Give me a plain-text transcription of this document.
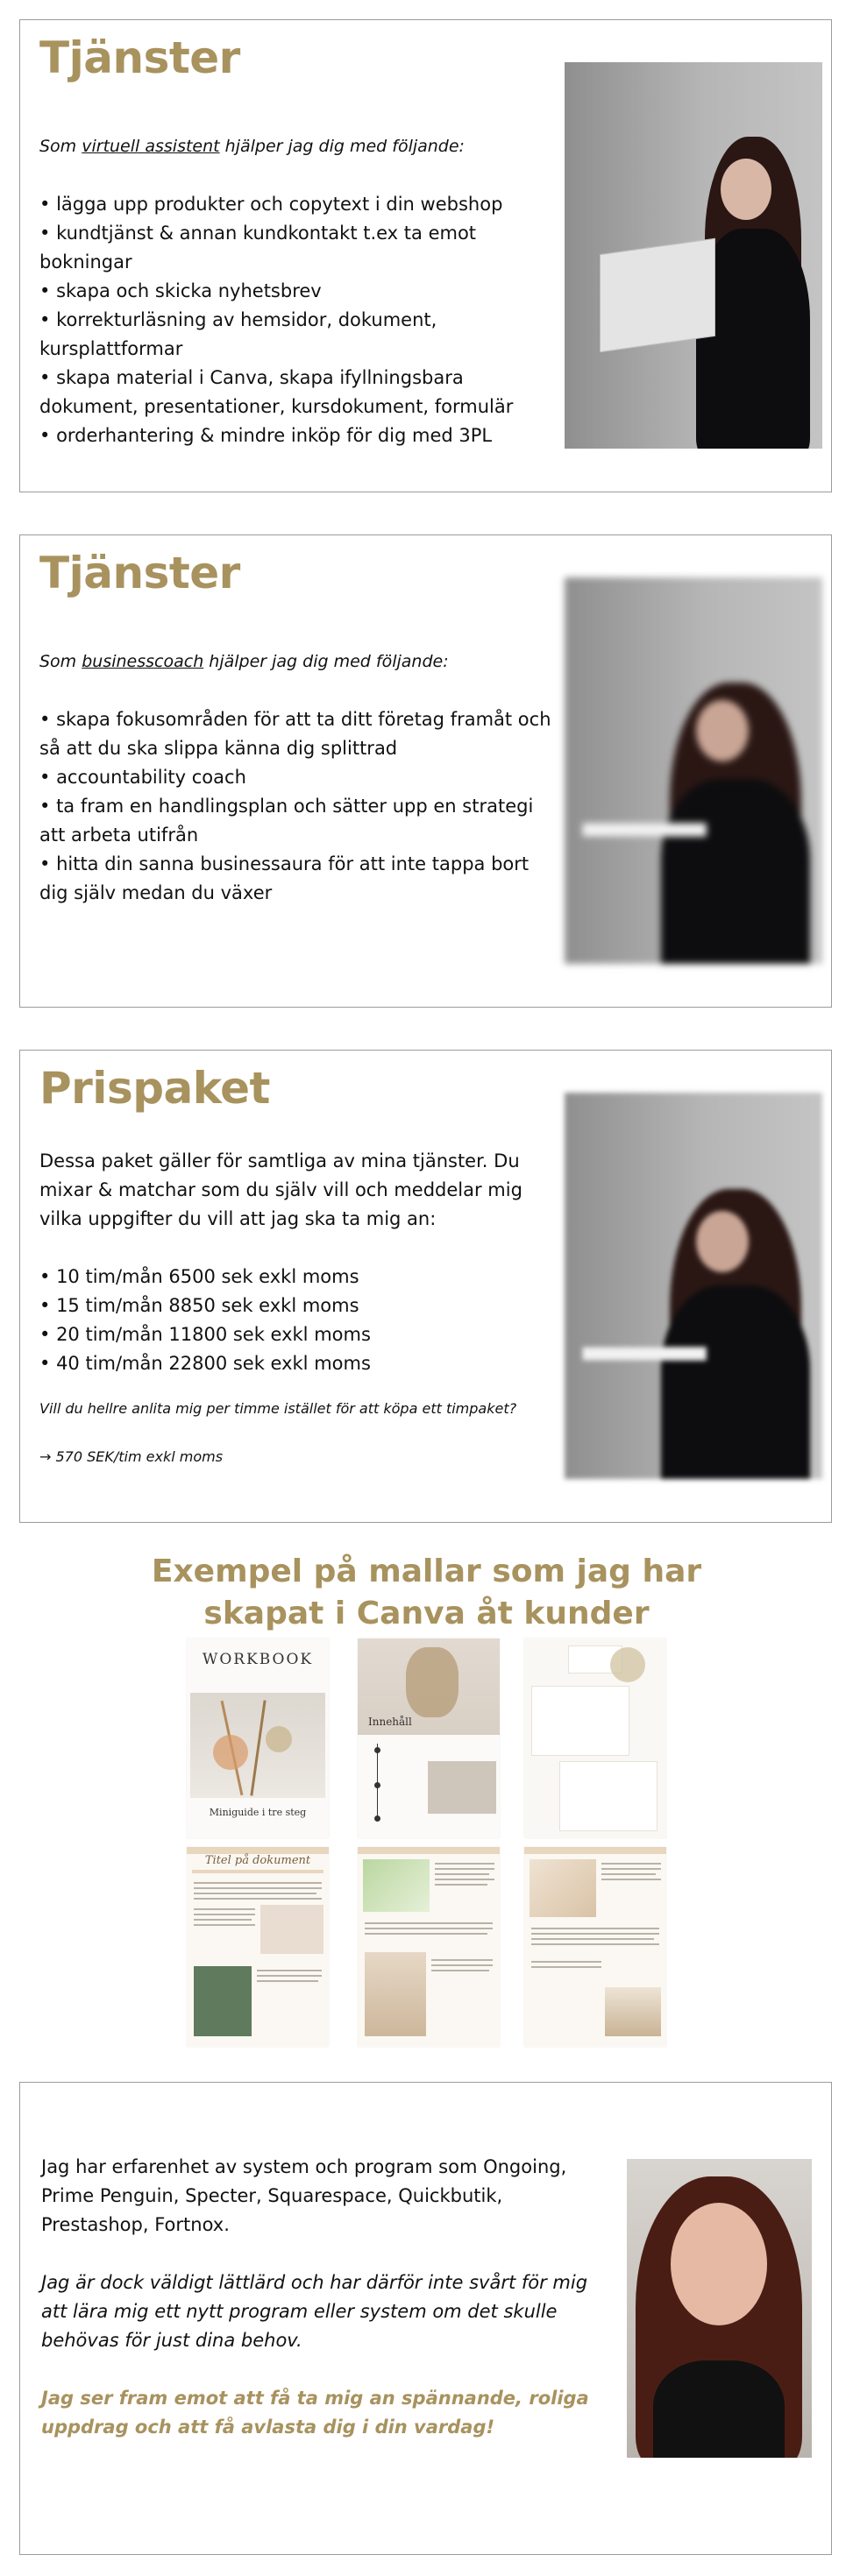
Tjänster
Som virtuell assistent hjälper jag dig med följande:
• lägga upp produkter och copytext i din webshop
• kundtjänst & annan kundkontakt t.ex ta emot bokningar
• skapa och skicka nyhetsbrev
• korrekturläsning av hemsidor, dokument, kursplattformar
• skapa material i Canva, skapa ifyllningsbara dokument, presentationer, kursdokument, formulär
• orderhantering & mindre inköp för dig med 3PL
Tjänster
Som businesscoach hjälper jag dig med följande:
• skapa fokusområden för att ta ditt företag framåt och så att du ska slippa känna dig splittrad
• accountability coach
• ta fram en handlingsplan och sätter upp en strategi att arbeta utifrån
• hitta din sanna businessaura för att inte tappa bort dig själv medan du växer
Prispaket
Dessa paket gäller för samtliga av mina tjänster. Du mixar & matchar som du själv vill och meddelar mig vilka uppgifter du vill att jag ska ta mig an:
• 10 tim/mån 6500 sek exkl moms
• 15 tim/mån 8850 sek exkl moms
• 20 tim/mån 11800 sek exkl moms
• 40 tim/mån 22800 sek exkl moms
Vill du hellre anlita mig per timme istället för att köpa ett timpaket?
→ 570 SEK/tim exkl moms
Exempel på mallar som jag har
skapat i Canva åt kunder
WORKBOOK
Miniguide i tre steg
Innehåll
Titel på dokument

Jag har erfarenhet av system och program som Ongoing, Prime Penguin, Specter, Squarespace, Quickbutik, Prestashop, Fortnox.

Jag är dock väldigt lättlärd och har därför inte svårt för mig att lära mig ett nytt program eller system om det skulle behövas för just dina behov.

Jag ser fram emot att få ta mig an spännande, roliga uppdrag och att få avlasta dig i din vardag!
